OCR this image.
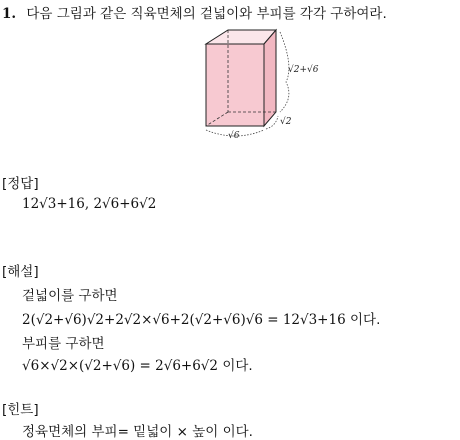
1. 다음 그림과 같은 직육면체의 겉넓이와 부피를 각각 구하여라.
√2+√6
√2
√6
[정답]
12√3+16, 2√6+6√2
[해설]
겉넓이를 구하면
2(√2+√6)√2+2√2×√6+2(√2+√6)√6 = 12√3+16 이다.
부피를 구하면
√6×√2×(√2+√6) = 2√6+6√2 이다.
[힌트]
정육면체의 부피= 밑넓이 × 높이 이다.
